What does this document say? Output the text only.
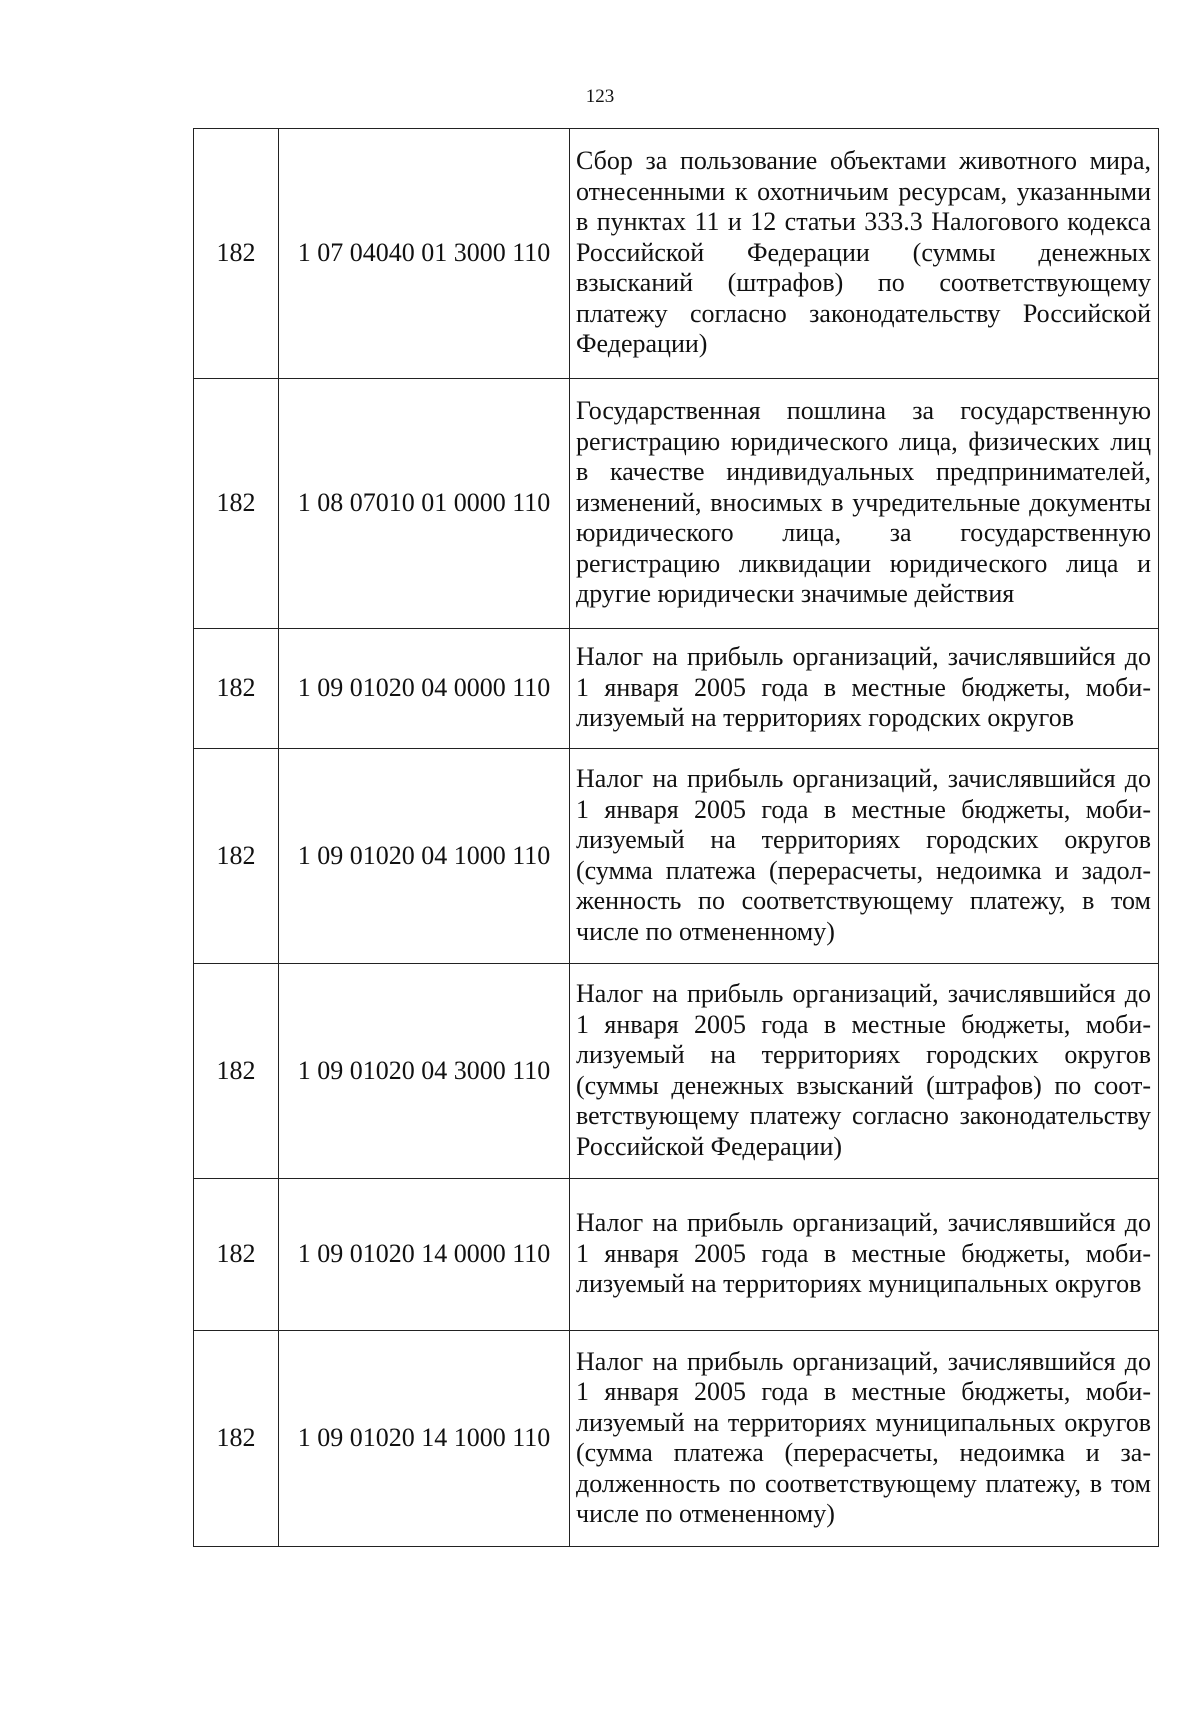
123
182	1 07 04040 01 3000 110	Сбор за пользование объектами животного мира, отнесенными к охотничьим ресурсам, указанными в пунктах 11 и 12 статьи 333.3 Налогового кодекса Российской Федерации (суммы денежных взысканий (штрафов) по соответствующему платежу согласно законодательству Российской Федерации)
182	1 08 07010 01 0000 110	Государственная пошлина за государственную регистрацию юридического лица, физических лиц в качестве индивидуальных предпринимателей, изменений, вносимых в учредительные документы юридического лица, за государственную регистрацию ликвидации юридического лица и другие юридически значимые действия
182	1 09 01020 04 0000 110	Налог на прибыль организаций, зачислявшийся до 1 января 2005 года в местные бюджеты, мобилизуемый на территориях городских округов
182	1 09 01020 04 1000 110	Налог на прибыль организаций, зачислявшийся до 1 января 2005 года в местные бюджеты, мобилизуемый на территориях городских округов (сумма платежа (перерасчеты, недоимка и задолженность по соответствующему платежу, в том числе по отмененному)
182	1 09 01020 04 3000 110	Налог на прибыль организаций, зачислявшийся до 1 января 2005 года в местные бюджеты, мобилизуемый на территориях городских округов (суммы денежных взысканий (штрафов) по соответствующему платежу согласно законодательству Российской Федерации)
182	1 09 01020 14 0000 110	Налог на прибыль организаций, зачислявшийся до 1 января 2005 года в местные бюджеты, мобилизуемый на территориях муниципальных округов
182	1 09 01020 14 1000 110	Налог на прибыль организаций, зачислявшийся до 1 января 2005 года в местные бюджеты, мобилизуемый на территориях муниципальных округов (сумма платежа (перерасчеты, недоимка и задолженность по соответствующему платежу, в том числе по отмененному)
